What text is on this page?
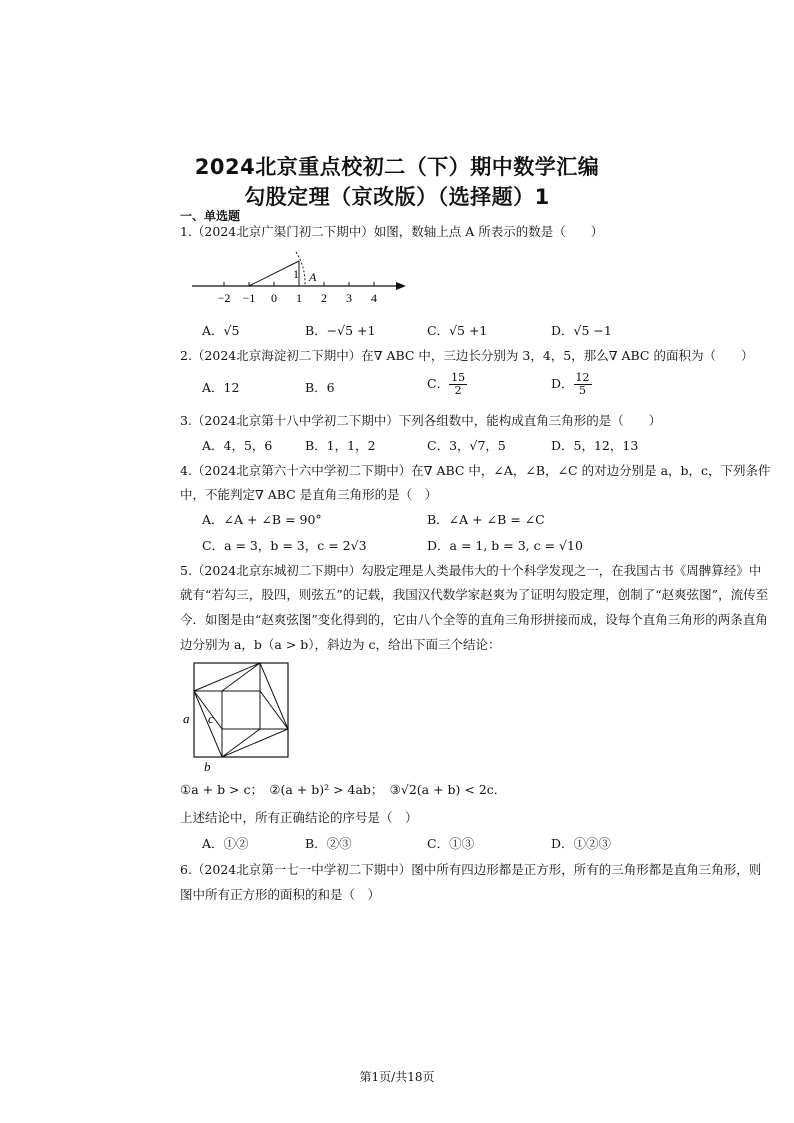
2024北京重点校初二（下）期中数学汇编
勾股定理（京改版）（选择题）1
一、单选题
1.（2024北京广渠门初二下期中）如图，数轴上点 A 所表示的数是（　　）
1 A
−2 −1 0 1 2 3 4
A．√5	B．−√5 +1	C．√5 +1	D．√5 −1
2.（2024北京海淀初二下期中）在∇ ABC 中，三边长分别为 3，4，5，那么∇ ABC 的面积为（　　）
A．12	B．6	C． $\frac{15}{2}$	D． $\frac{12}{5}$
3.（2024北京第十八中学初二下期中）下列各组数中，能构成直角三角形的是（　　）
A．4，5，6	B．1，1，2	C．3，√7，5	D．5，12，13
4.（2024北京第六十六中学初二下期中）在∇ ABC 中，∠A，∠B，∠C 的对边分别是 a，b，c，下列条件
中，不能判定∇ ABC 是直角三角形的是（　）
A．∠A + ∠B = 90°	B．∠A + ∠B = ∠C
C．a = 3，b = 3，c = 2√3	D．a = 1, b = 3, c = √10
5.（2024北京东城初二下期中）勾股定理是人类最伟大的十个科学发现之一，在我国古书《周髀算经》中
就有“若勾三，股四，则弦五”的记载，我国汉代数学家赵爽为了证明勾股定理，创制了“赵爽弦图”，流传至
今．如图是由“赵爽弦图”变化得到的，它由八个全等的直角三角形拼接而成，设每个直角三角形的两条直角
边分别为 a，b（a > b），斜边为 c，给出下面三个结论：
a c
b
①a + b > c；　②(a + b)² > 4ab；　③√2(a + b) < 2c．
上述结论中，所有正确结论的序号是（　）
A．①②	B．②③	C．①③	D．①②③
6.（2024北京第一七一中学初二下期中）图中所有四边形都是正方形，所有的三角形都是直角三角形，则
图中所有正方形的面积的和是（　）
第1页/共18页
